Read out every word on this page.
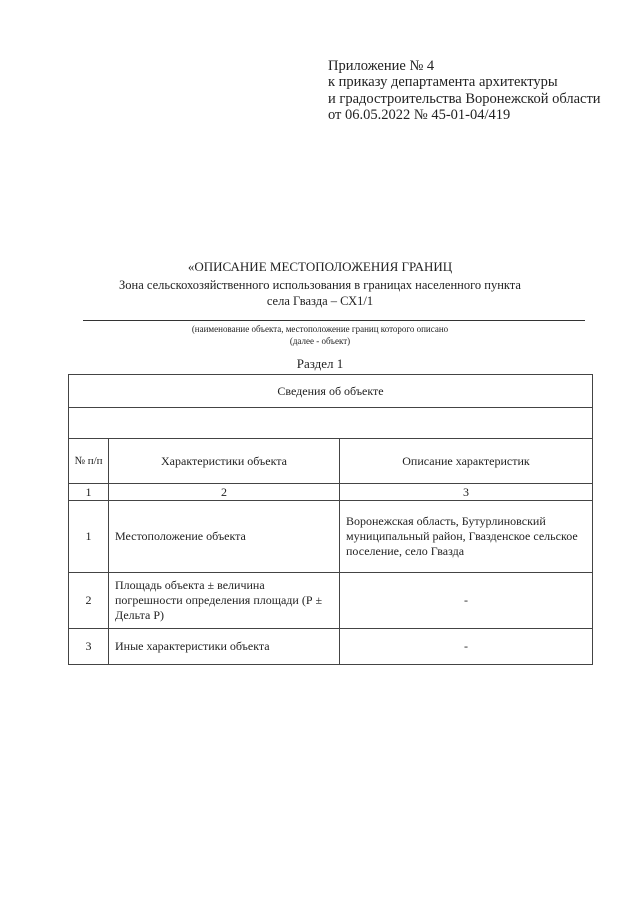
Приложение № 4
к приказу департамента архитектуры
и градостроительства Воронежской области
от 06.05.2022 № 45-01-04/419
«ОПИСАНИЕ МЕСТОПОЛОЖЕНИЯ ГРАНИЦ
Зона сельскохозяйственного использования в границах населенного пункта
села Гвазда – СХ1/1
(наименование объекта, местоположение границ которого описано
(далее - объект)
Раздел 1
Сведения об объекте		

№ п/п	Характеристики объекта	Описание характеристик
1	2	3
1	Местоположение объекта	Воронежская область, Бутурлиновский муниципальный район, Гвазденское сельское поселение, село Гвазда
2	Площадь объекта ± величина погрешности определения площади (Р ± Дельта Р)	-
3	Иные характеристики объекта	-
